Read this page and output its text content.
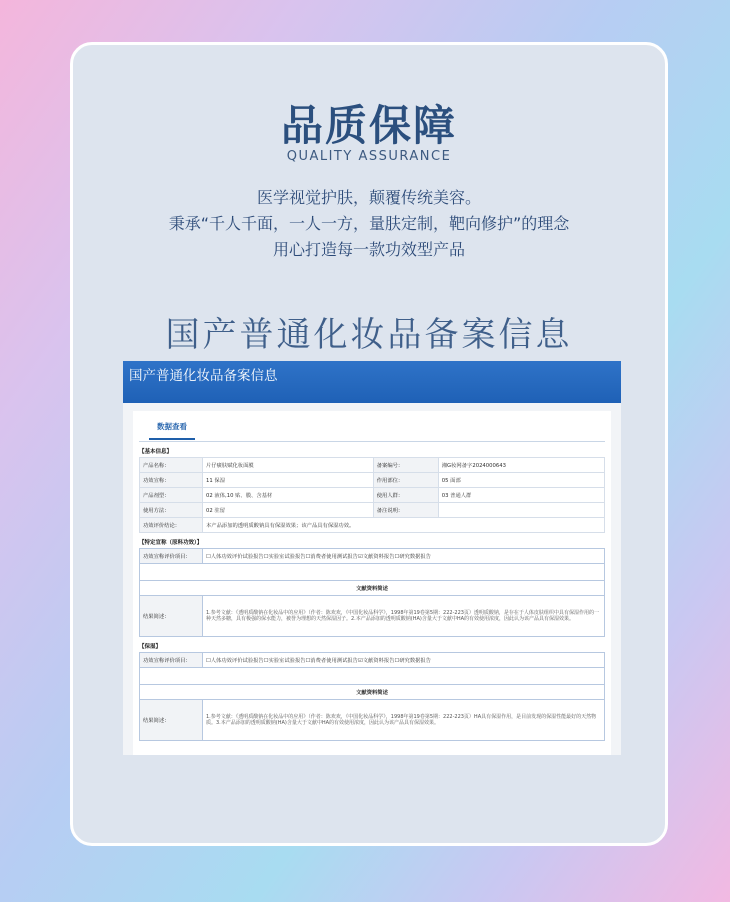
品质保障
QUALITY ASSURANCE
医学视觉护肤，颠覆传统美容。
秉承“千人千面，一人一方，量肤定制，靶向修护”的理念
用心打造每一款功效型产品
国产普通化妆品备案信息
国产普通化妆品备案信息
数据查看
【基本信息】
产品名称：	片仔癀肤赋化妆面膜	备案编号：	湘G妆网备字2024000643
功效宣称：	11 保湿	作用部位：	05 面部
产品剂型：	02 液体,10 贴、膜、含基材	使用人群：	03 普通人群
使用方法：	02 驻留	备注说明：	
功效评价结论：	本产品添加的透明质酸钠具有保湿效果；该产品具有保湿功效。		
【特定宣称（原料功效）】
功效宣称评价项目：	☐人体功效评价试验报告☐实验室试验报告☐消费者使用测试报告☑文献资料报告☐研究数据报告

文献资料简述	
结果简述：	1.参考文献：《透明质酸钠在化妆品中的应用》（作者：陈欢欢，《中国化妆品科学》，1998年第19卷第5期：222-223页）透明质酸钠，是存在于人体皮肤组织中具有保湿作用的一种天然多糖，具有极强的保水能力，被誉为理想的天然保湿因子。2.本产品添加的透明质酸钠(HA)含量大于文献中HA的有效使用浓度，因此认为该产品具有保湿效果。
【保湿】
功效宣称评价项目：	☐人体功效评价试验报告☐实验室试验报告☐消费者使用测试报告☑文献资料报告☐研究数据报告

文献资料简述	
结果简述：	1.参考文献：《透明质酸钠在化妆品中的应用》（作者：陈欢欢，《中国化妆品科学》，1998年第19卷第5期：222-223页）HA具有保湿作用，是目前发现的保湿性能最好的天然物质。3.本产品添加的透明质酸钠(HA)含量大于文献中HA的有效使用浓度，因此认为该产品具有保湿效果。
